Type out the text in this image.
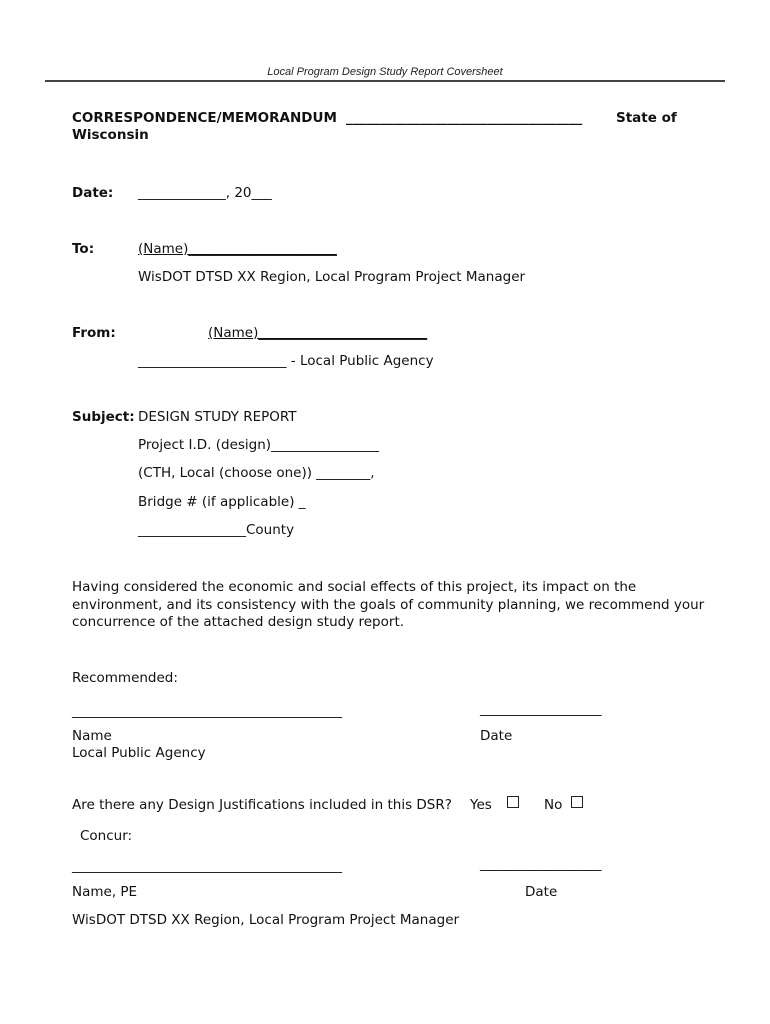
Local Program Design Study Report Coversheet
CORRESPONDENCE/MEMORANDUM ___________________________________	State of
Wisconsin
Date: _____________, 20___
To:	(Name)______________________
WisDOT DTSD XX Region, Local Program Project Manager
From:	(Name)_________________________
______________________ - Local Public Agency
Subject: DESIGN STUDY REPORT
Project I.D. (design)________________
(CTH, Local (choose one)) ________,
Bridge # (if applicable) _
________________County
Having considered the economic and social effects of this project, its impact on the environment, and its consistency with the goals of community planning, we recommend your concurrence of the attached design study report.
Recommended:
________________________________________	__________________
Name	Date
Local Public Agency
Are there any Design Justifications included in this DSR? Yes	No
Concur:
________________________________________	__________________
Name, PE	Date
WisDOT DTSD XX Region, Local Program Project Manager
